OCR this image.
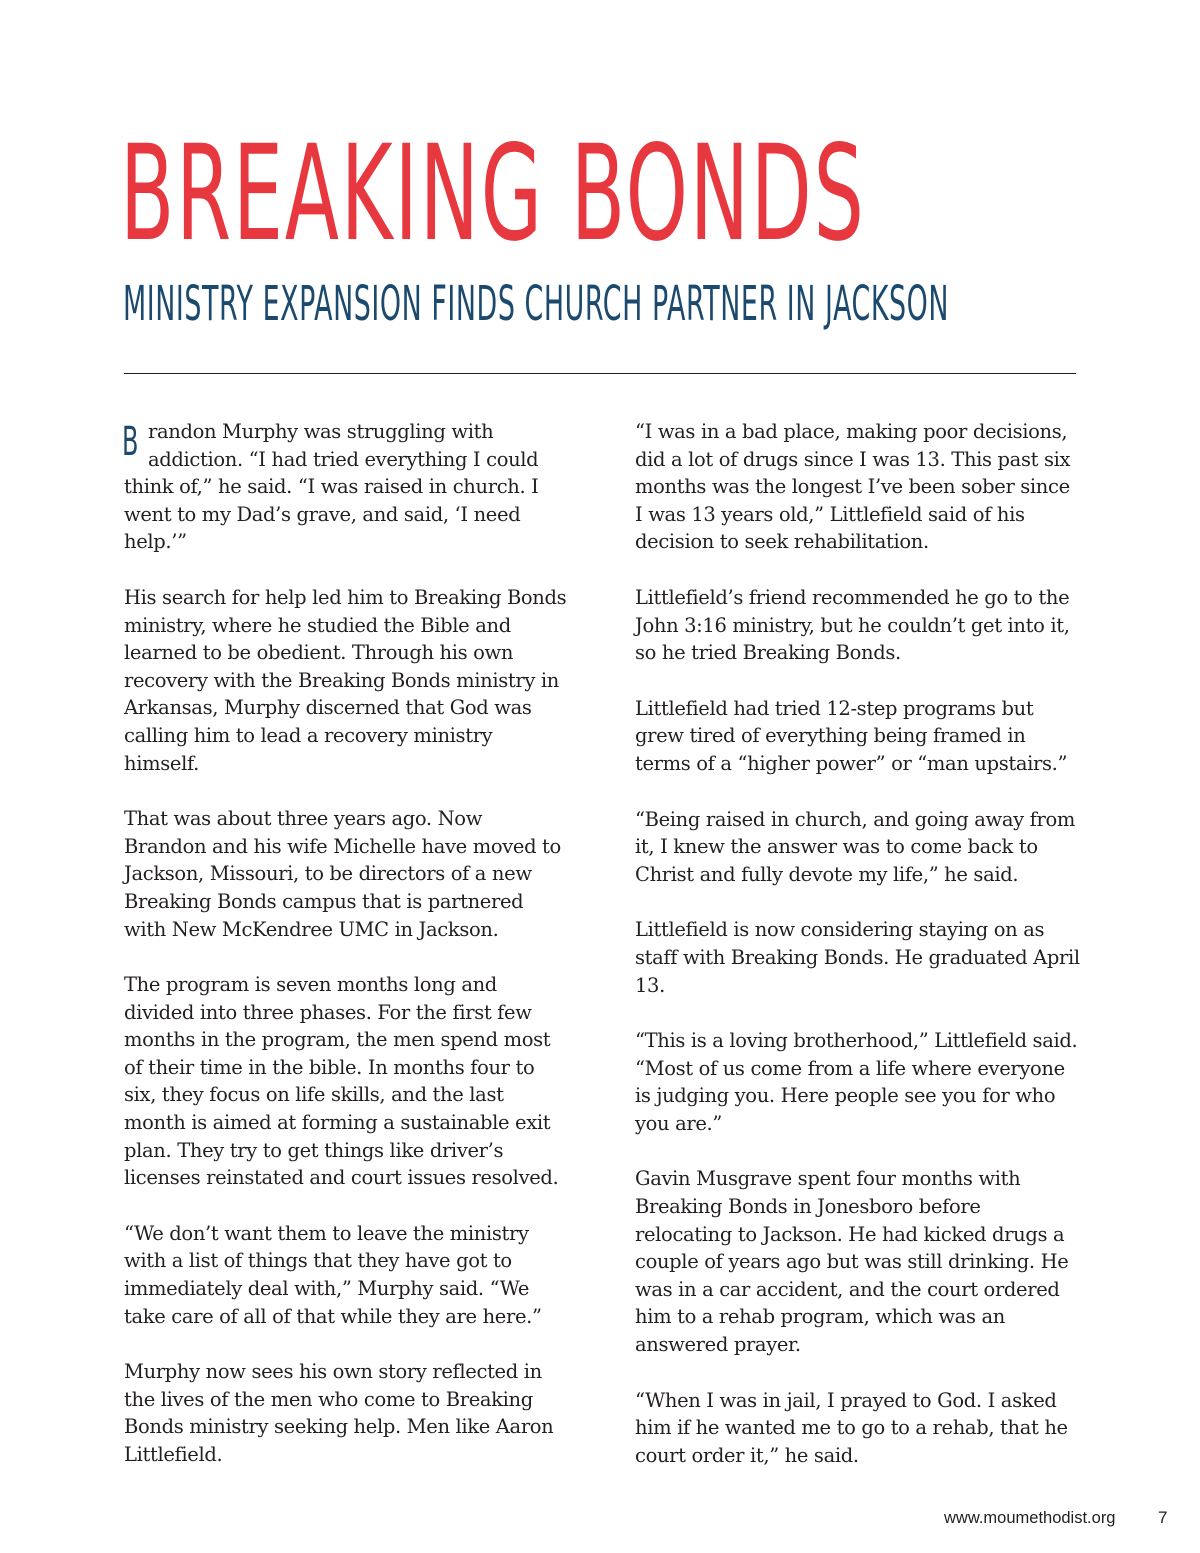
BREAKING BONDS
MINISTRY EXPANSION FINDS CHURCH PARTNER IN JACKSON

Brandon Murphy was struggling with addiction. “I had tried everything I could think of,” he said. “I was raised in church. I went to my Dad’s grave, and said, ‘I need help.’”

His search for help led him to Breaking Bonds ministry, where he studied the Bible and learned to be obedient. Through his own recovery with the Breaking Bonds ministry in Arkansas, Murphy discerned that God was calling him to lead a recovery ministry himself.

That was about three years ago. Now Brandon and his wife Michelle have moved to Jackson, Missouri, to be directors of a new Breaking Bonds campus that is partnered with New McKendree UMC in Jackson.

The program is seven months long and divided into three phases. For the first few months in the program, the men spend most of their time in the bible. In months four to six, they focus on life skills, and the last month is aimed at forming a sustainable exit plan. They try to get things like driver’s licenses reinstated and court issues resolved.

“We don’t want them to leave the ministry with a list of things that they have got to immediately deal with,” Murphy said. “We take care of all of that while they are here.”

Murphy now sees his own story reflected in the lives of the men who come to Breaking Bonds ministry seeking help. Men like Aaron Littlefield.

“I was in a bad place, making poor decisions, did a lot of drugs since I was 13. This past six months was the longest I’ve been sober since I was 13 years old,” Littlefield said of his decision to seek rehabilitation.

Littlefield’s friend recommended he go to the John 3:16 ministry, but he couldn’t get into it, so he tried Breaking Bonds.

Littlefield had tried 12-step programs but grew tired of everything being framed in terms of a “higher power” or “man upstairs.”

“Being raised in church, and going away from it, I knew the answer was to come back to Christ and fully devote my life,” he said.

Littlefield is now considering staying on as staff with Breaking Bonds. He graduated April 13.

“This is a loving brotherhood,” Littlefield said. “Most of us come from a life where everyone is judging you. Here people see you for who you are.”

Gavin Musgrave spent four months with Breaking Bonds in Jonesboro before relocating to Jackson. He had kicked drugs a couple of years ago but was still drinking. He was in a car accident, and the court ordered him to a rehab program, which was an answered prayer.

“When I was in jail, I prayed to God. I asked him if he wanted me to go to a rehab, that he court order it,” he said.

www.moumethodist.org	7
